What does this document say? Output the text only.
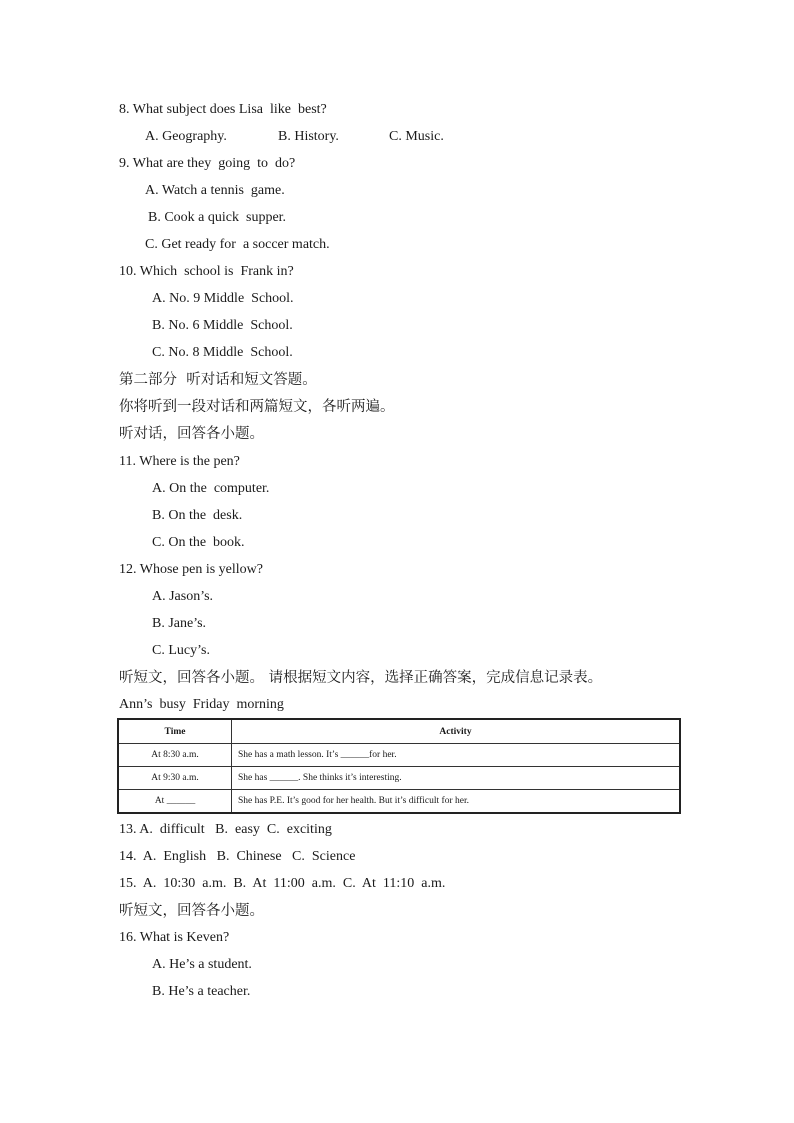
8. What subject does Lisa  like  best?
A. Geography.	B. History.	C. Music.
9. What are they  going  to  do?
A. Watch a tennis  game.
B. Cook a quick  supper.
C. Get ready for  a soccer match.
10. Which  school is  Frank in?
A. No. 9 Middle  School.
B. No. 6 Middle  School.
C. No. 8 Middle  School.
第二部分  听对话和短文答题。
你将听到一段对话和两篇短文，各听两遍。
听对话，回答各小题。
11. Where is the pen?
A. On the  computer.
B. On the  desk.
C. On the  book.
12. Whose pen is yellow?
A. Jason’s.
B. Jane’s.
C. Lucy’s.
听短文，回答各小题。 请根据短文内容，选择正确答案，完成信息记录表。
Ann’s  busy  Friday  morning
Time	Activity
At 8:30 a.m.	She has a math lesson. It’s ______for her.
At 9:30 a.m.	She has ______. She thinks it’s interesting.
At ______	She has P.E. It’s good for her health. But it’s difficult for her.
13. A.  difficult   B.  easy  C.  exciting
14.  A.  English   B.  Chinese   C.  Science
15.  A.  10:30  a.m.  B.  At  11:00  a.m.  C.  At  11:10  a.m.
听短文，回答各小题。
16. What is Keven?
A. He’s a student.
B. He’s a teacher.
